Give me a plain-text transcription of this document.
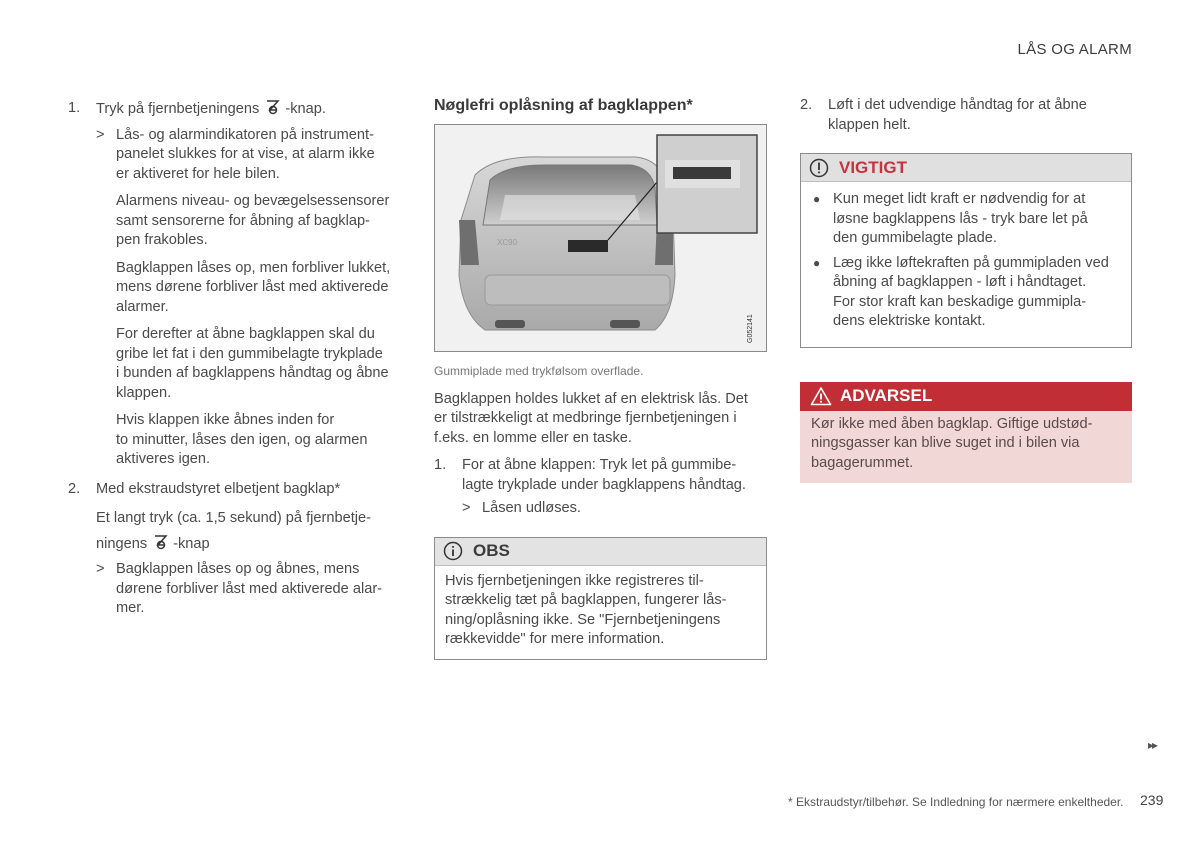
LÅS OG ALARM
1.	Tryk på fjernbetjeningens -knap.
> Lås- og alarmindikatoren på instrument-

panelet slukkes for at vise, at alarm ikke

er aktiveret for hele bilen.

Alarmens niveau- og bevægelsessensorer

samt sensorerne for åbning af bagklap-

pen frakobles.

Bagklappen låses op, men forbliver lukket,

mens dørene forbliver låst med aktiverede

alarmer.

For derefter at åbne bagklappen skal du

gribe let fat i den gummibelagte trykplade

i bunden af bagklappens håndtag og åbne

klappen.

Hvis klappen ikke åbnes inden for

to minutter, låses den igen, og alarmen

aktiveres igen.

2.	Med ekstraudstyret elbetjent bagklap*

Et langt tryk (ca. 1,5 sekund) på fjernbetje-

ningens -knap

> Bagklappen låses op og åbnes, mens

dørene forbliver låst med aktiverede alar-

mer.

Nøglefri oplåsning af bagklappen*
XC90
G052141

Gummiplade med trykfølsom overflade.

Bagklappen holdes lukket af en elektrisk lås. Det

er tilstrækkeligt at medbringe fjernbetjeningen i

f.eks. en lomme eller en taske.

1.	For at åbne klappen: Tryk let på gummibe-

lagte trykplade under bagklappens håndtag.

> Låsen udløses.
OBS

Hvis fjernbetjeningen ikke registreres til-

strækkelig tæt på bagklappen, fungerer lås-

ning/oplåsning ikke. Se "Fjernbetjeningens

rækkevidde" for mere information.

2.	Løft i det udvendige håndtag for at åbne

klappen helt.

VIGTIGT
● Kun meget lidt kraft er nødvendig for at

løsne bagklappens lås - tryk bare let på

den gummibelagte plade.

● Læg ikke løftekraften på gummipladen ved

åbning af bagklappen - løft i håndtaget.

For stor kraft kan beskadige gummipla-

dens elektriske kontakt.

ADVARSEL

Kør ikke med åben bagklap. Giftige udstød-

ningsgasser kan blive suget ind i bilen via

bagagerummet.

▸▸
* Ekstraudstyr/tilbehør. Se Indledning for nærmere enkeltheder. 239
